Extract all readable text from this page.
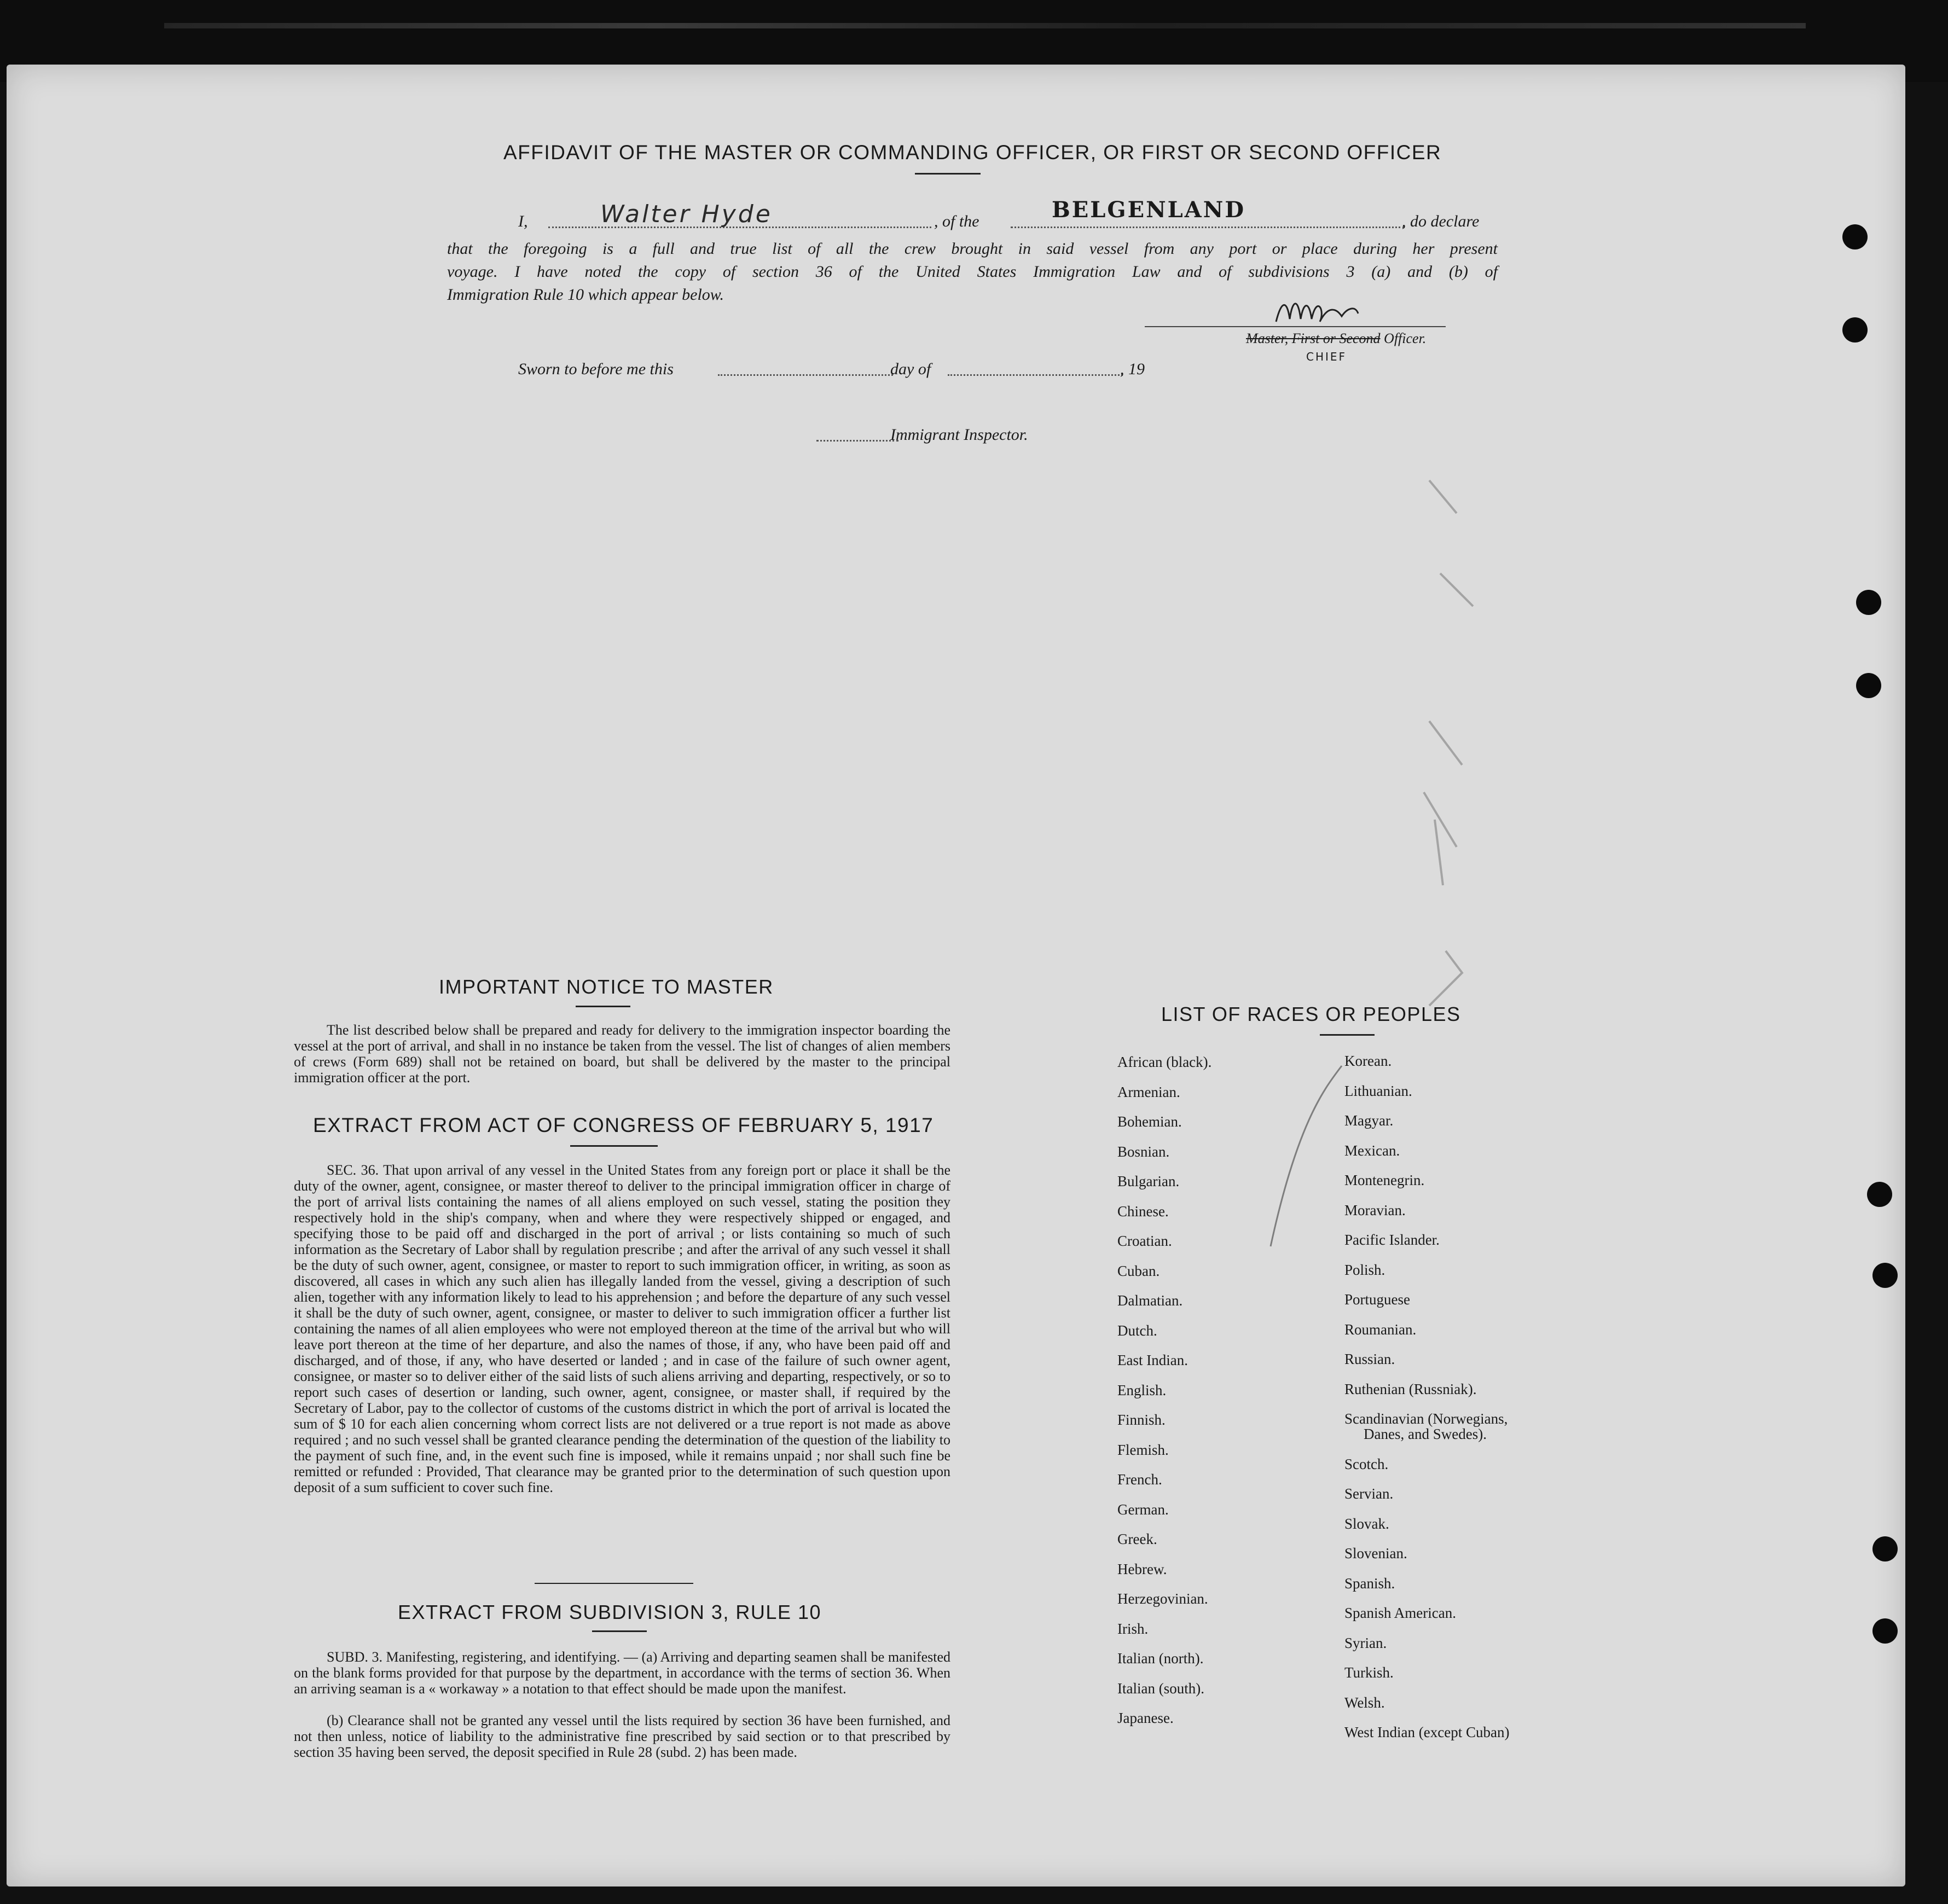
AFFIDAVIT OF THE MASTER OR COMMANDING OFFICER, OR FIRST OR SECOND OFFICER
I,	Walter Hyde	, of the	BELGENLAND	, do declare
that the foregoing is a full and true list of all the crew brought in said vessel from any port or place during her present
voyage. I have noted the copy of section 36 of the United States Immigration Law and of subdivisions 3 (a) and (b) of
Immigration Rule 10 which appear below.
Master, First or Second Officer.
CHIEF
Sworn to before me this	day of	, 19
Immigrant Inspector.
IMPORTANT NOTICE TO MASTER
The list described below shall be prepared and ready for delivery to the immigration inspector boarding the vessel at the port of arrival, and shall in no instance be taken from the vessel. The list of changes of alien members of crews (Form 689) shall not be retained on board, but shall be delivered by the master to the principal immigration officer at the port.
EXTRACT FROM ACT OF CONGRESS OF FEBRUARY 5, 1917
SEC. 36. That upon arrival of any vessel in the United States from any foreign port or place it shall be the duty of the owner, agent, consignee, or master thereof to deliver to the principal immigration officer in charge of the port of arrival lists containing the names of all aliens employed on such vessel, stating the position they respectively hold in the ship's company, when and where they were respectively shipped or engaged, and specifying those to be paid off and discharged in the port of arrival ; or lists containing so much of such information as the Secretary of Labor shall by regulation prescribe ; and after the arrival of any such vessel it shall be the duty of such owner, agent, consignee, or master to report to such immigration officer, in writing, as soon as discovered, all cases in which any such alien has illegally landed from the vessel, giving a description of such alien, together with any information likely to lead to his apprehension ; and before the departure of any such vessel it shall be the duty of such owner, agent, consignee, or master to deliver to such immigration officer a further list containing the names of all alien employees who were not employed thereon at the time of the arrival but who will leave port thereon at the time of her departure, and also the names of those, if any, who have been paid off and discharged, and of those, if any, who have deserted or landed ; and in case of the failure of such owner agent, consignee, or master so to deliver either of the said lists of such aliens arriving and departing, respectively, or so to report such cases of desertion or landing, such owner, agent, consignee, or master shall, if required by the Secretary of Labor, pay to the collector of customs of the customs district in which the port of arrival is located the sum of $ 10 for each alien concerning whom correct lists are not delivered or a true report is not made as above required ; and no such vessel shall be granted clearance pending the determination of the question of the liability to the payment of such fine, and, in the event such fine is imposed, while it remains unpaid ; nor shall such fine be remitted or refunded : Provided, That clearance may be granted prior to the determination of such question upon deposit of a sum sufficient to cover such fine.
EXTRACT FROM SUBDIVISION 3, RULE 10
SUBD. 3. Manifesting, registering, and identifying. — (a) Arriving and departing seamen shall be manifested on the blank forms provided for that purpose by the department, in accordance with the terms of section 36. When an arriving seaman is a « workaway » a notation to that effect should be made upon the manifest.
(b) Clearance shall not be granted any vessel until the lists required by section 36 have been furnished, and not then unless, notice of liability to the administrative fine prescribed by said section or to that prescribed by section 35 having been served, the deposit specified in Rule 28 (subd. 2) has been made.
LIST OF RACES OR PEOPLES
African (black).
Armenian.
Bohemian.
Bosnian.
Bulgarian.
Chinese.
Croatian.
Cuban.
Dalmatian.
Dutch.
East Indian.
English.
Finnish.
Flemish.
French.
German.
Greek.
Hebrew.
Herzegovinian.
Irish.
Italian (north).
Italian (south).
Japanese.
Korean.
Lithuanian.
Magyar.
Mexican.
Montenegrin.
Moravian.
Pacific Islander.
Polish.
Portuguese
Roumanian.
Russian.
Ruthenian (Russniak).
Scandinavian (Norwegians,
Danes, and Swedes).
Scotch.
Servian.
Slovak.
Slovenian.
Spanish.
Spanish American.
Syrian.
Turkish.
Welsh.
West Indian (except Cuban)
